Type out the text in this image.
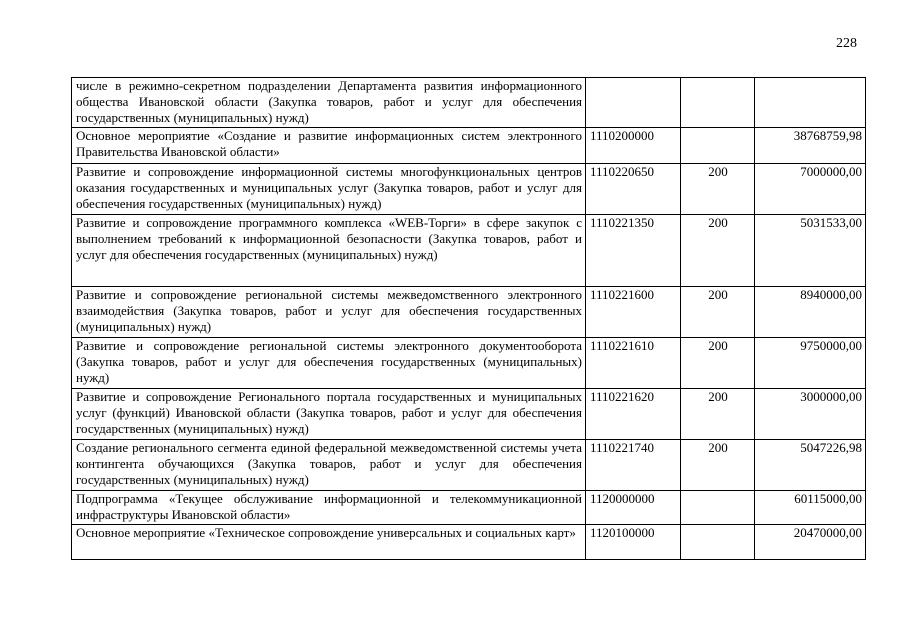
228
числе в режимно-секретном подразделении Департамента развития информационного общества Ивановской области (Закупка товаров, работ и услуг для обеспечения государственных (муниципальных) нужд)			
Основное мероприятие «Создание и развитие информационных систем электронного Правительства Ивановской области»	1110200000		38768759,98
Развитие и сопровождение информационной системы многофункциональных центров оказания государственных и муниципальных услуг (Закупка товаров, работ и услуг для обеспечения государственных (муниципальных) нужд)	1110220650	200	7000000,00
Развитие и сопровождение программного комплекса «WEB-Торги» в сфере закупок с выполнением требований к информационной безопасности (Закупка товаров, работ и услуг для обеспечения государственных (муниципальных) нужд)	1110221350	200	5031533,00
Развитие и сопровождение региональной системы межведомственного электронного взаимодействия (Закупка товаров, работ и услуг для обеспечения государственных (муниципальных) нужд)	1110221600	200	8940000,00
Развитие и сопровождение региональной системы электронного документооборота (Закупка товаров, работ и услуг для обеспечения государственных (муниципальных) нужд)	1110221610	200	9750000,00
Развитие и сопровождение Регионального портала государственных и муниципальных услуг (функций) Ивановской области (Закупка товаров, работ и услуг для обеспечения государственных (муниципальных) нужд)	1110221620	200	3000000,00
Создание регионального сегмента единой федеральной межведомственной системы учета контингента обучающихся (Закупка товаров, работ и услуг для обеспечения государственных (муниципальных) нужд)	1110221740	200	5047226,98
Подпрограмма «Текущее обслуживание информационной и телекоммуникационной инфраструктуры Ивановской области»	1120000000		60115000,00
Основное мероприятие «Техническое сопровождение универсальных и социальных карт»	1120100000		20470000,00
